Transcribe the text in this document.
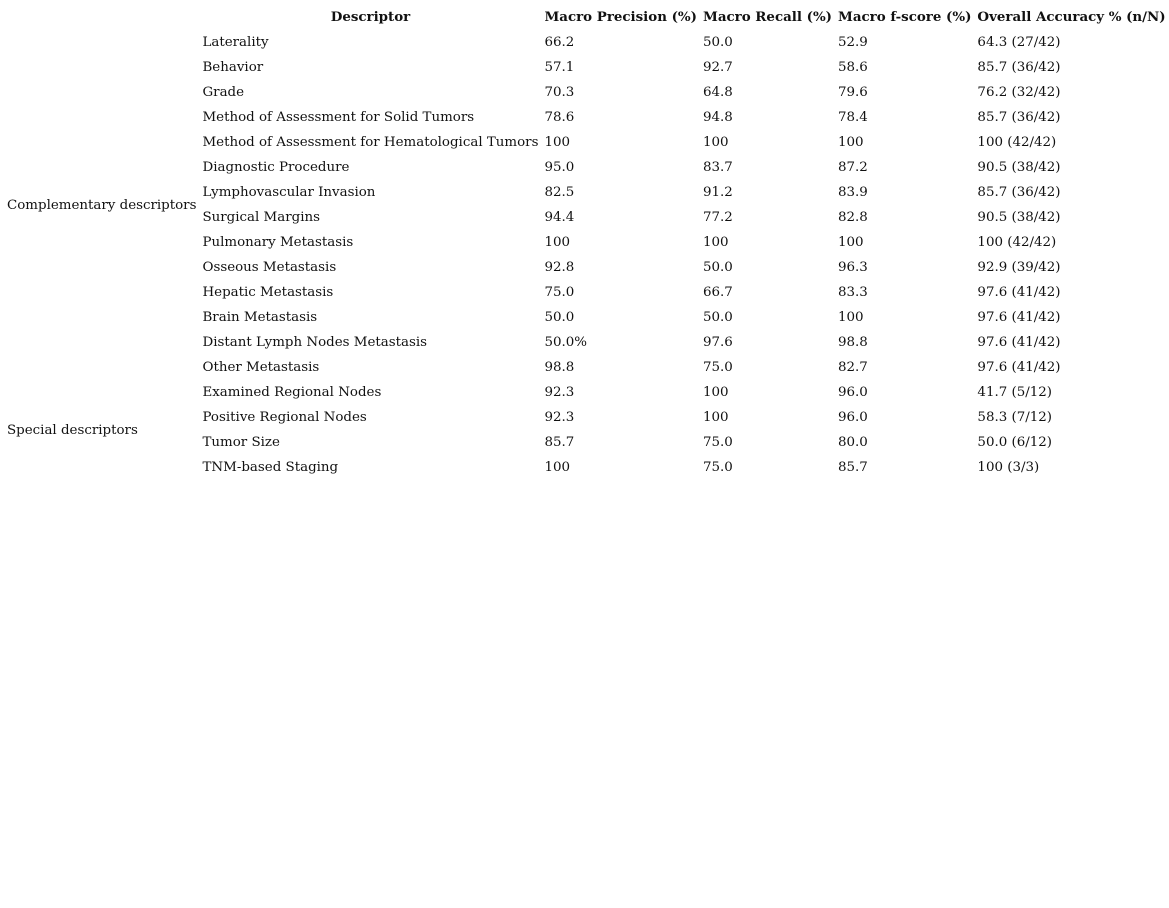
	Descriptor	Macro Precision (%)	Macro Recall (%)	Macro f-score (%)	Overall Accuracy % (n/N)
Complementary descriptors	Laterality	66.2	50.0	52.9	64.3 (27/42)
	Behavior	57.1	92.7	58.6	85.7 (36/42)
	Grade	70.3	64.8	79.6	76.2 (32/42)
	Method of Assessment for Solid Tumors	78.6	94.8	78.4	85.7 (36/42)
	Method of Assessment for Hematological Tumors	100	100	100	100 (42/42)
	Diagnostic Procedure	95.0	83.7	87.2	90.5 (38/42)
	Lymphovascular Invasion	82.5	91.2	83.9	85.7 (36/42)
	Surgical Margins	94.4	77.2	82.8	90.5 (38/42)
	Pulmonary Metastasis	100	100	100	100 (42/42)
	Osseous Metastasis	92.8	50.0	96.3	92.9 (39/42)
	Hepatic Metastasis	75.0	66.7	83.3	97.6 (41/42)
	Brain Metastasis	50.0	50.0	100	97.6 (41/42)
	Distant Lymph Nodes Metastasis	50.0%	97.6	98.8	97.6 (41/42)
	Other Metastasis	98.8	75.0	82.7	97.6 (41/42)
Special descriptors	Examined Regional Nodes	92.3	100	96.0	41.7 (5/12)
	Positive Regional Nodes	92.3	100	96.0	58.3 (7/12)
	Tumor Size	85.7	75.0	80.0	50.0 (6/12)
	TNM-based Staging	100	75.0	85.7	100 (3/3)
